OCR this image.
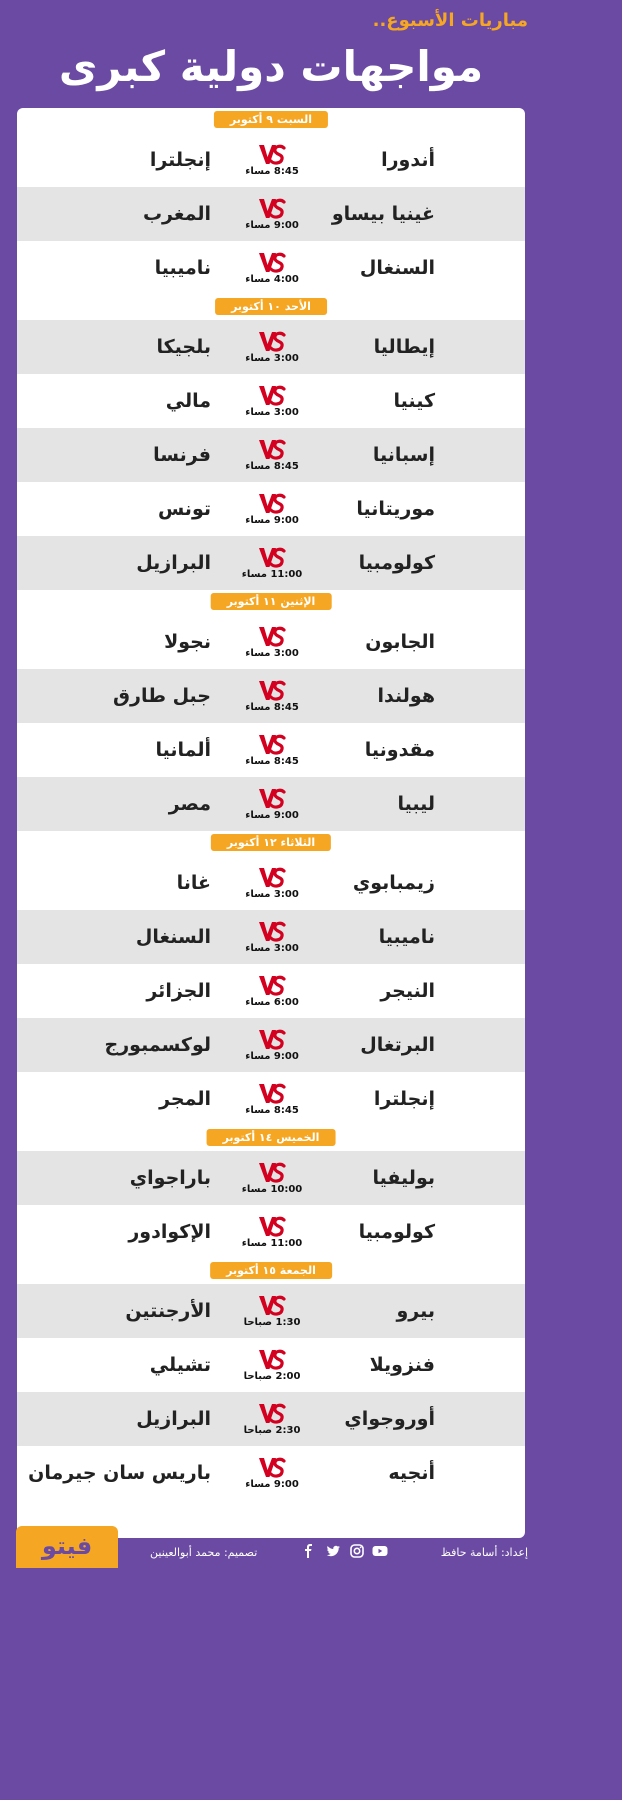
مباريات الأسبوع..
مواجهات دولية كبرى
السبت ٩ أكتوبر
أندورا
8:45 مساء
إنجلترا
غينيا بيساو
9:00 مساء
المغرب
السنغال
4:00 مساء
ناميبيا
الأحد ١٠ أكتوبر
إيطاليا
3:00 مساء
بلجيكا
كينيا
3:00 مساء
مالي
إسبانيا
8:45 مساء
فرنسا
موريتانيا
9:00 مساء
تونس
كولومبيا
11:00 مساء
البرازيل
الإثنين ١١ أكتوبر
الجابون
3:00 مساء
نجولا
هولندا
8:45 مساء
جبل طارق
مقدونيا
8:45 مساء
ألمانيا
ليبيا
9:00 مساء
مصر
الثلاثاء ١٢ أكتوبر
زيمبابوي
3:00 مساء
غانا
ناميبيا
3:00 مساء
السنغال
النيجر
6:00 مساء
الجزائر
البرتغال
9:00 مساء
لوكسمبورج
إنجلترا
8:45 مساء
المجر
الخميس ١٤ أكتوبر
بوليفيا
10:00 مساء
باراجواي
كولومبيا
11:00 مساء
الإكوادور
الجمعة ١٥ أكتوبر
بيرو
1:30 صباحا
الأرجنتين
فنزويلا
2:00 صباحا
تشيلي
أوروجواي
2:30 صباحا
البرازيل
أنجيه
9:00 مساء
باريس سان جيرمان
إعداد: أسامة حافظ
تصميم: محمد أبوالعينين
فيتو
